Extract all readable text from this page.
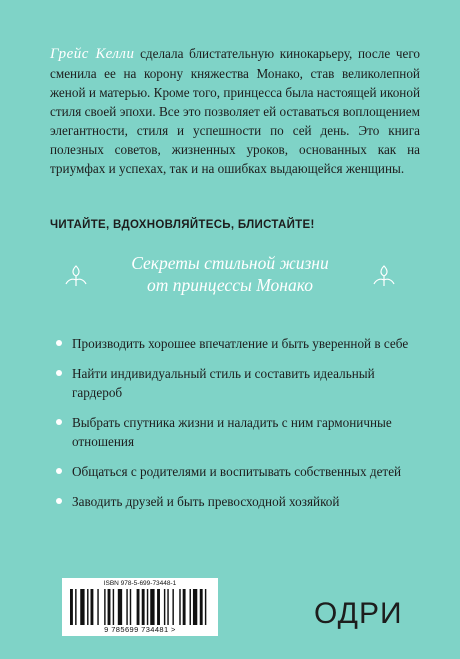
Грейс Келли сделала блистательную кинокарьеру, после чего сменила ее на корону княжества Монако, став великолепной женой и матерью. Кроме того, принцесса была настоящей иконой стиля своей эпохи. Все это позволяет ей оставаться воплощением элегантности, стиля и успешности по сей день. Это книга полезных советов, жизненных уроков, основанных как на триумфах и успехах, так и на ошибках выдающейся женщины.

ЧИТАЙТЕ, ВДОХНОВЛЯЙТЕСЬ, БЛИСТАЙТЕ!

Секреты стильной жизни
от принцессы Монако

Производить хорошее впечатление и быть уверенной в себе
Найти индивидуальный стиль и составить идеальный гардероб
Выбрать спутника жизни и наладить с ним гармоничные отношения
Общаться с родителями и воспитывать собственных детей
Заводить друзей и быть превосходной хозяйкой
ISBN 978-5-699-73448-1
9 785699 734481 >	ОДРИ
